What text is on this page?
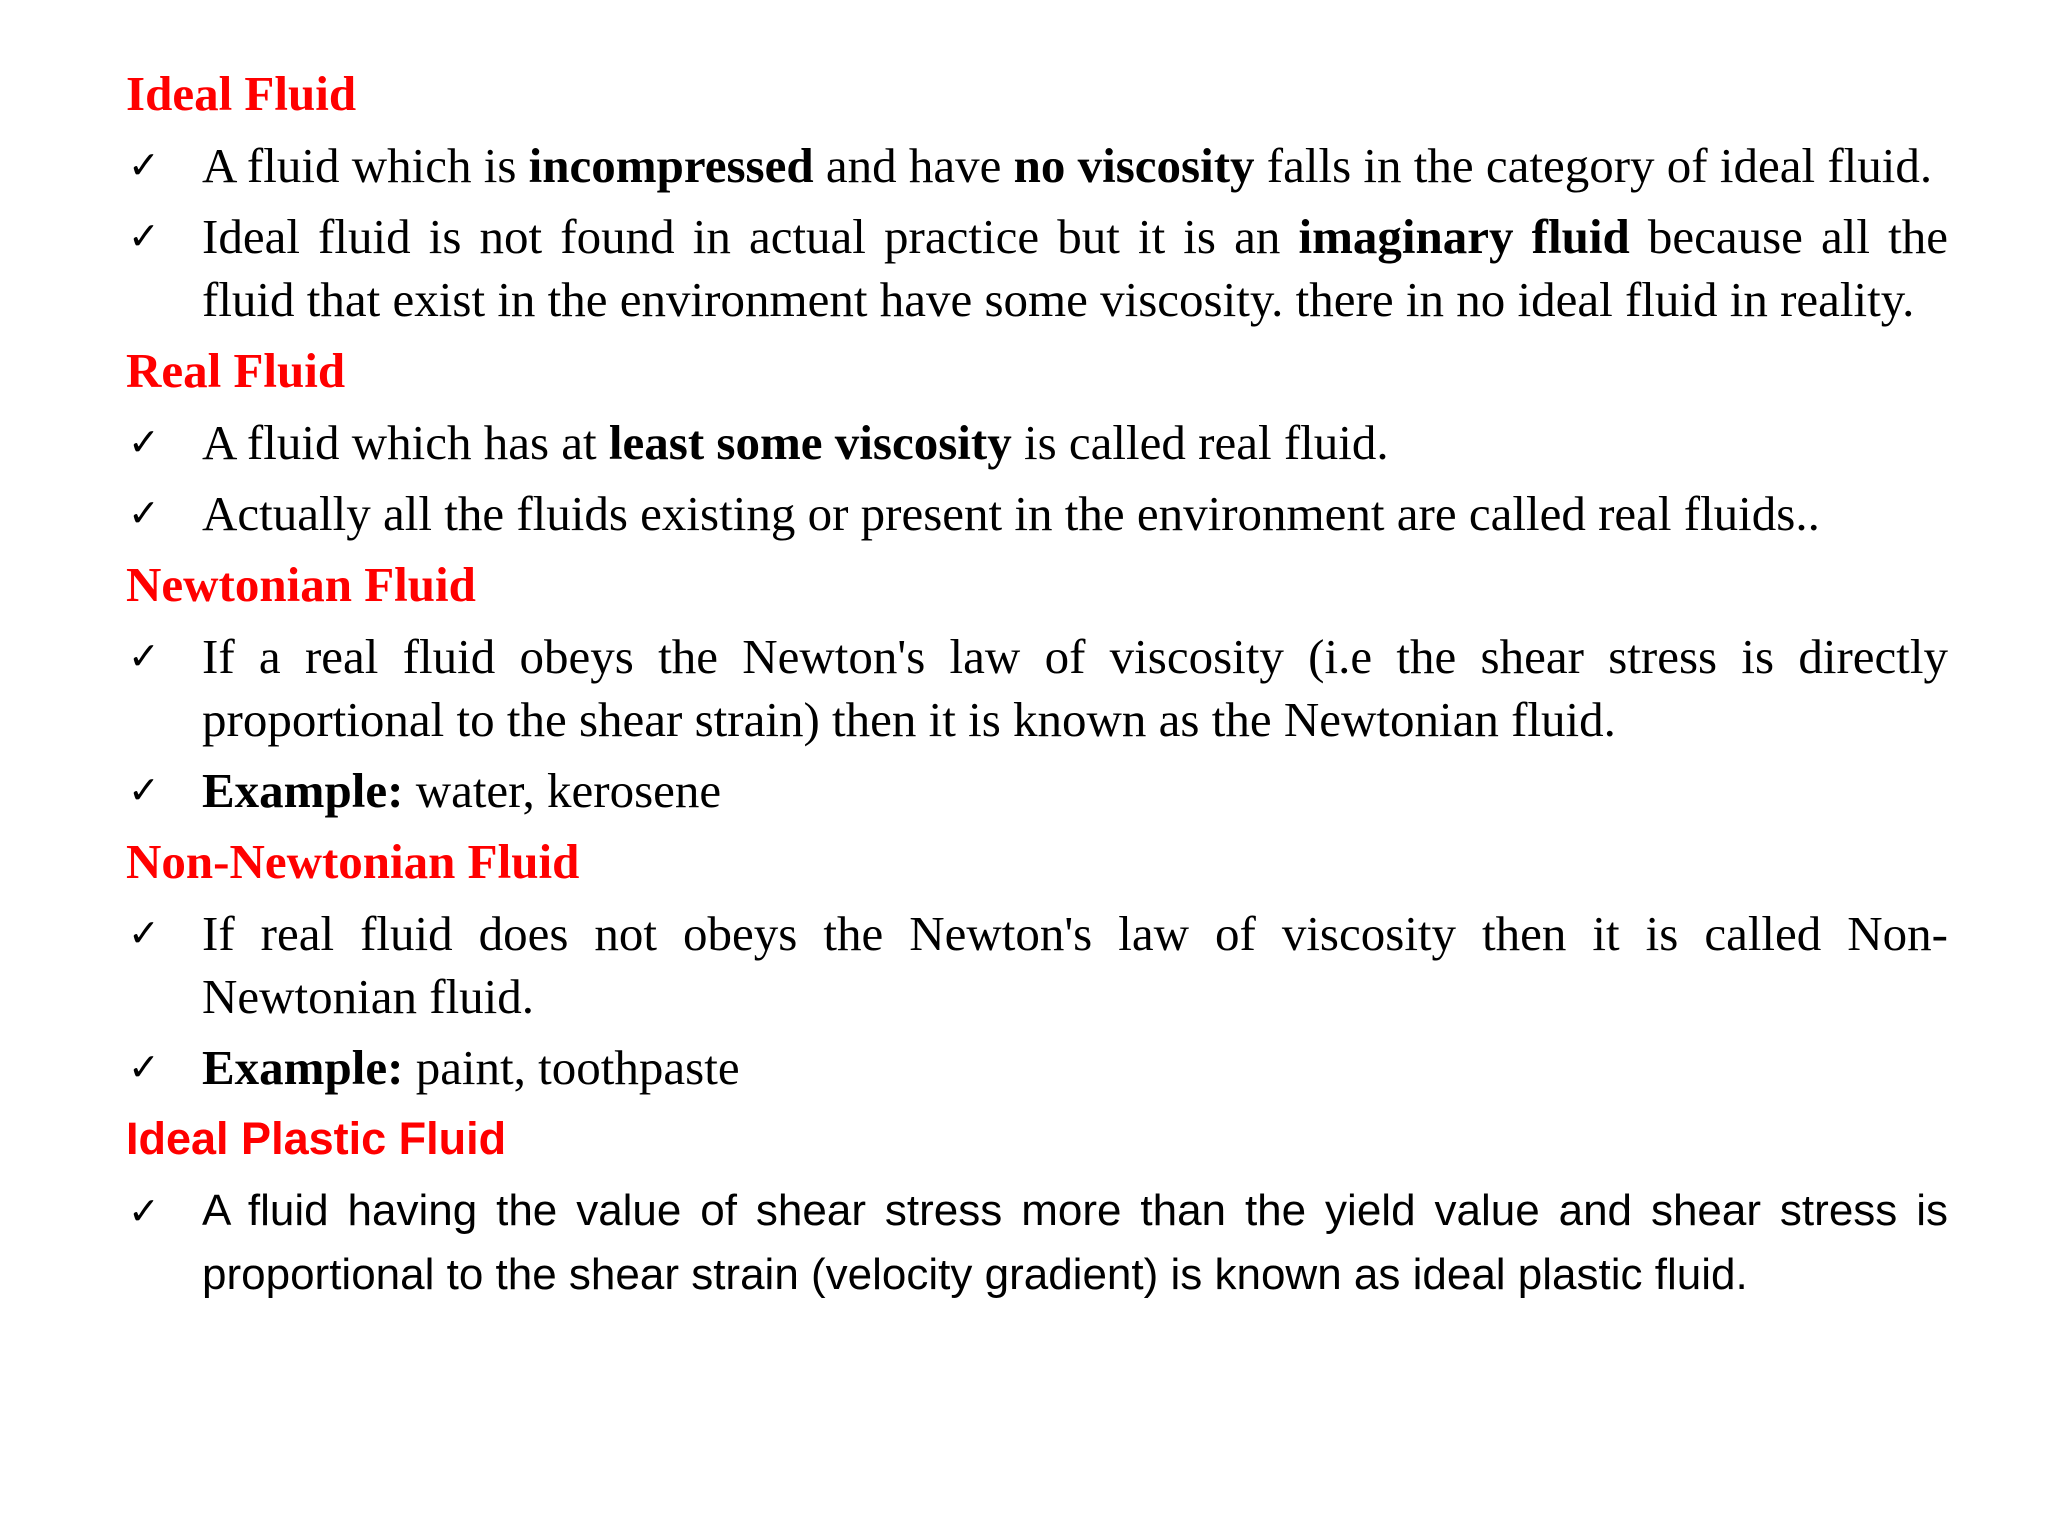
Ideal Fluid
✓ A fluid which is incompressed and have no viscosity falls in the category of ideal fluid.
✓ Ideal fluid is not found in actual practice but it is an imaginary fluid because all the fluid that exist in the environment have some viscosity. there in no ideal fluid in reality.
Real Fluid
✓ A fluid which has at least some viscosity is called real fluid.
✓ Actually all the fluids existing or present in the environment are called real fluids..
Newtonian Fluid
✓ If a real fluid obeys the Newton's law of viscosity (i.e the shear stress is directly proportional to the shear strain) then it is known as the Newtonian fluid.
✓ Example: water, kerosene
Non-Newtonian Fluid
✓ If real fluid does not obeys the Newton's law of viscosity then it is called Non-Newtonian fluid.
✓ Example: paint, toothpaste
Ideal Plastic Fluid
✓ A fluid having the value of shear stress more than the yield value and shear stress is proportional to the shear strain (velocity gradient) is known as ideal plastic fluid.
